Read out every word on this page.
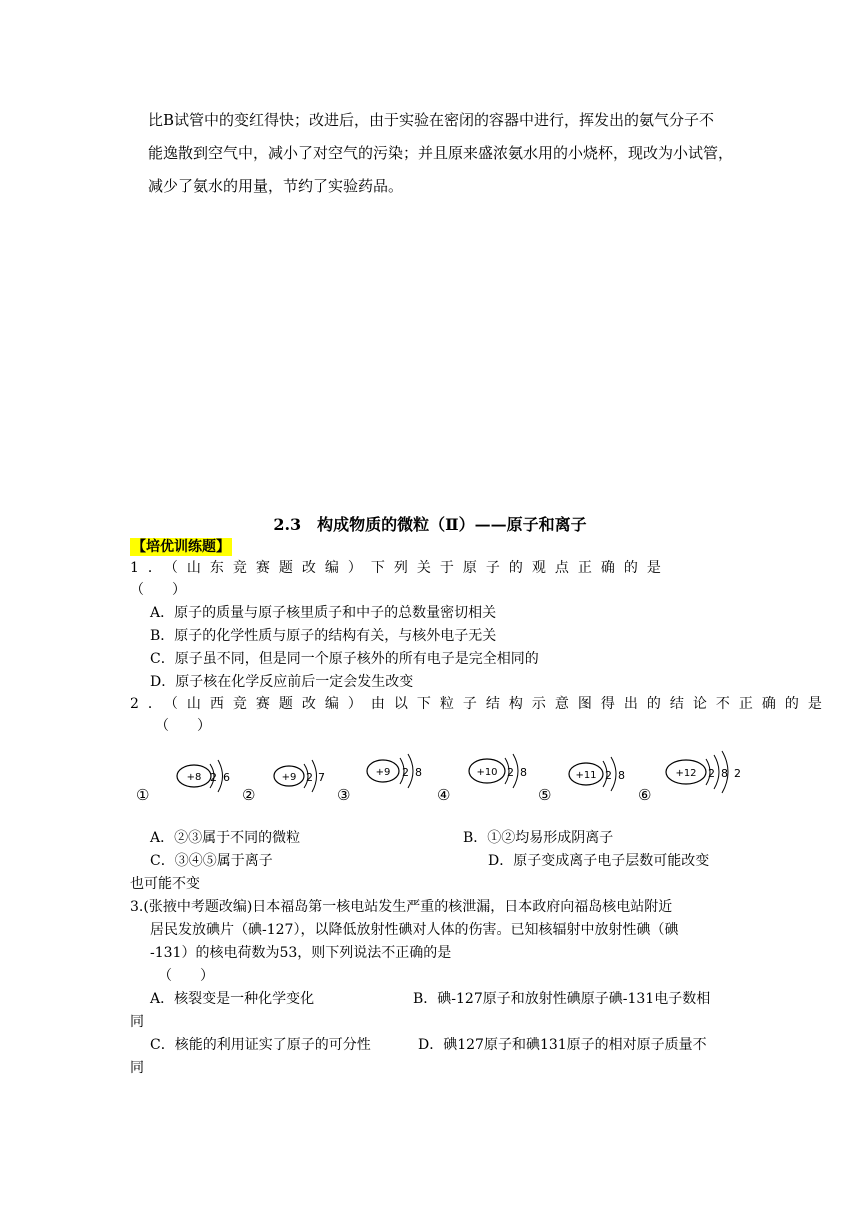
比B试管中的变红得快；改进后，由于实验在密闭的容器中进行，挥发出的氨气分子不
能逸散到空气中，减小了对空气的污染；并且原来盛浓氨水用的小烧杯，现改为小试管，
减少了氨水的用量，节约了实验药品。
2.3　构成物质的微粒（Ⅱ）——原子和离子
【培优训练题】
1．（山东竞赛题改编）下列关于原子的观点正确的是
（　　）
A．原子的质量与原子核里质子和中子的总数量密切相关
B．原子的化学性质与原子的结构有关，与核外电子无关
C．原子虽不同，但是同一个原子核外的所有电子是完全相同的
D．原子核在化学反应前后一定会发生改变
2．（山西竞赛题改编）由以下粒子结构示意图得出的结论不正确的是
（　　）
+8 2 6
①
+9 2 7
②
+9 2 8
③
+10 2 8
④
+11 2 8
⑤
+12 2 8 2
⑥
A．②③属于不同的微粒	B．①②均易形成阴离子
C．③④⑤属于离子	D．原子变成离子电子层数可能改变
也可能不变
3.(张掖中考题改编)日本福岛第一核电站发生严重的核泄漏，日本政府向福岛核电站附近
居民发放碘片（碘-127），以降低放射性碘对人体的伤害。已知核辐射中放射性碘（碘
-131）的核电荷数为53，则下列说法不正确的是
（　　）
A．核裂变是一种化学变化	B．碘-127原子和放射性碘原子碘-131电子数相
同
C．核能的利用证实了原子的可分性	D．碘127原子和碘131原子的相对原子质量不
同
